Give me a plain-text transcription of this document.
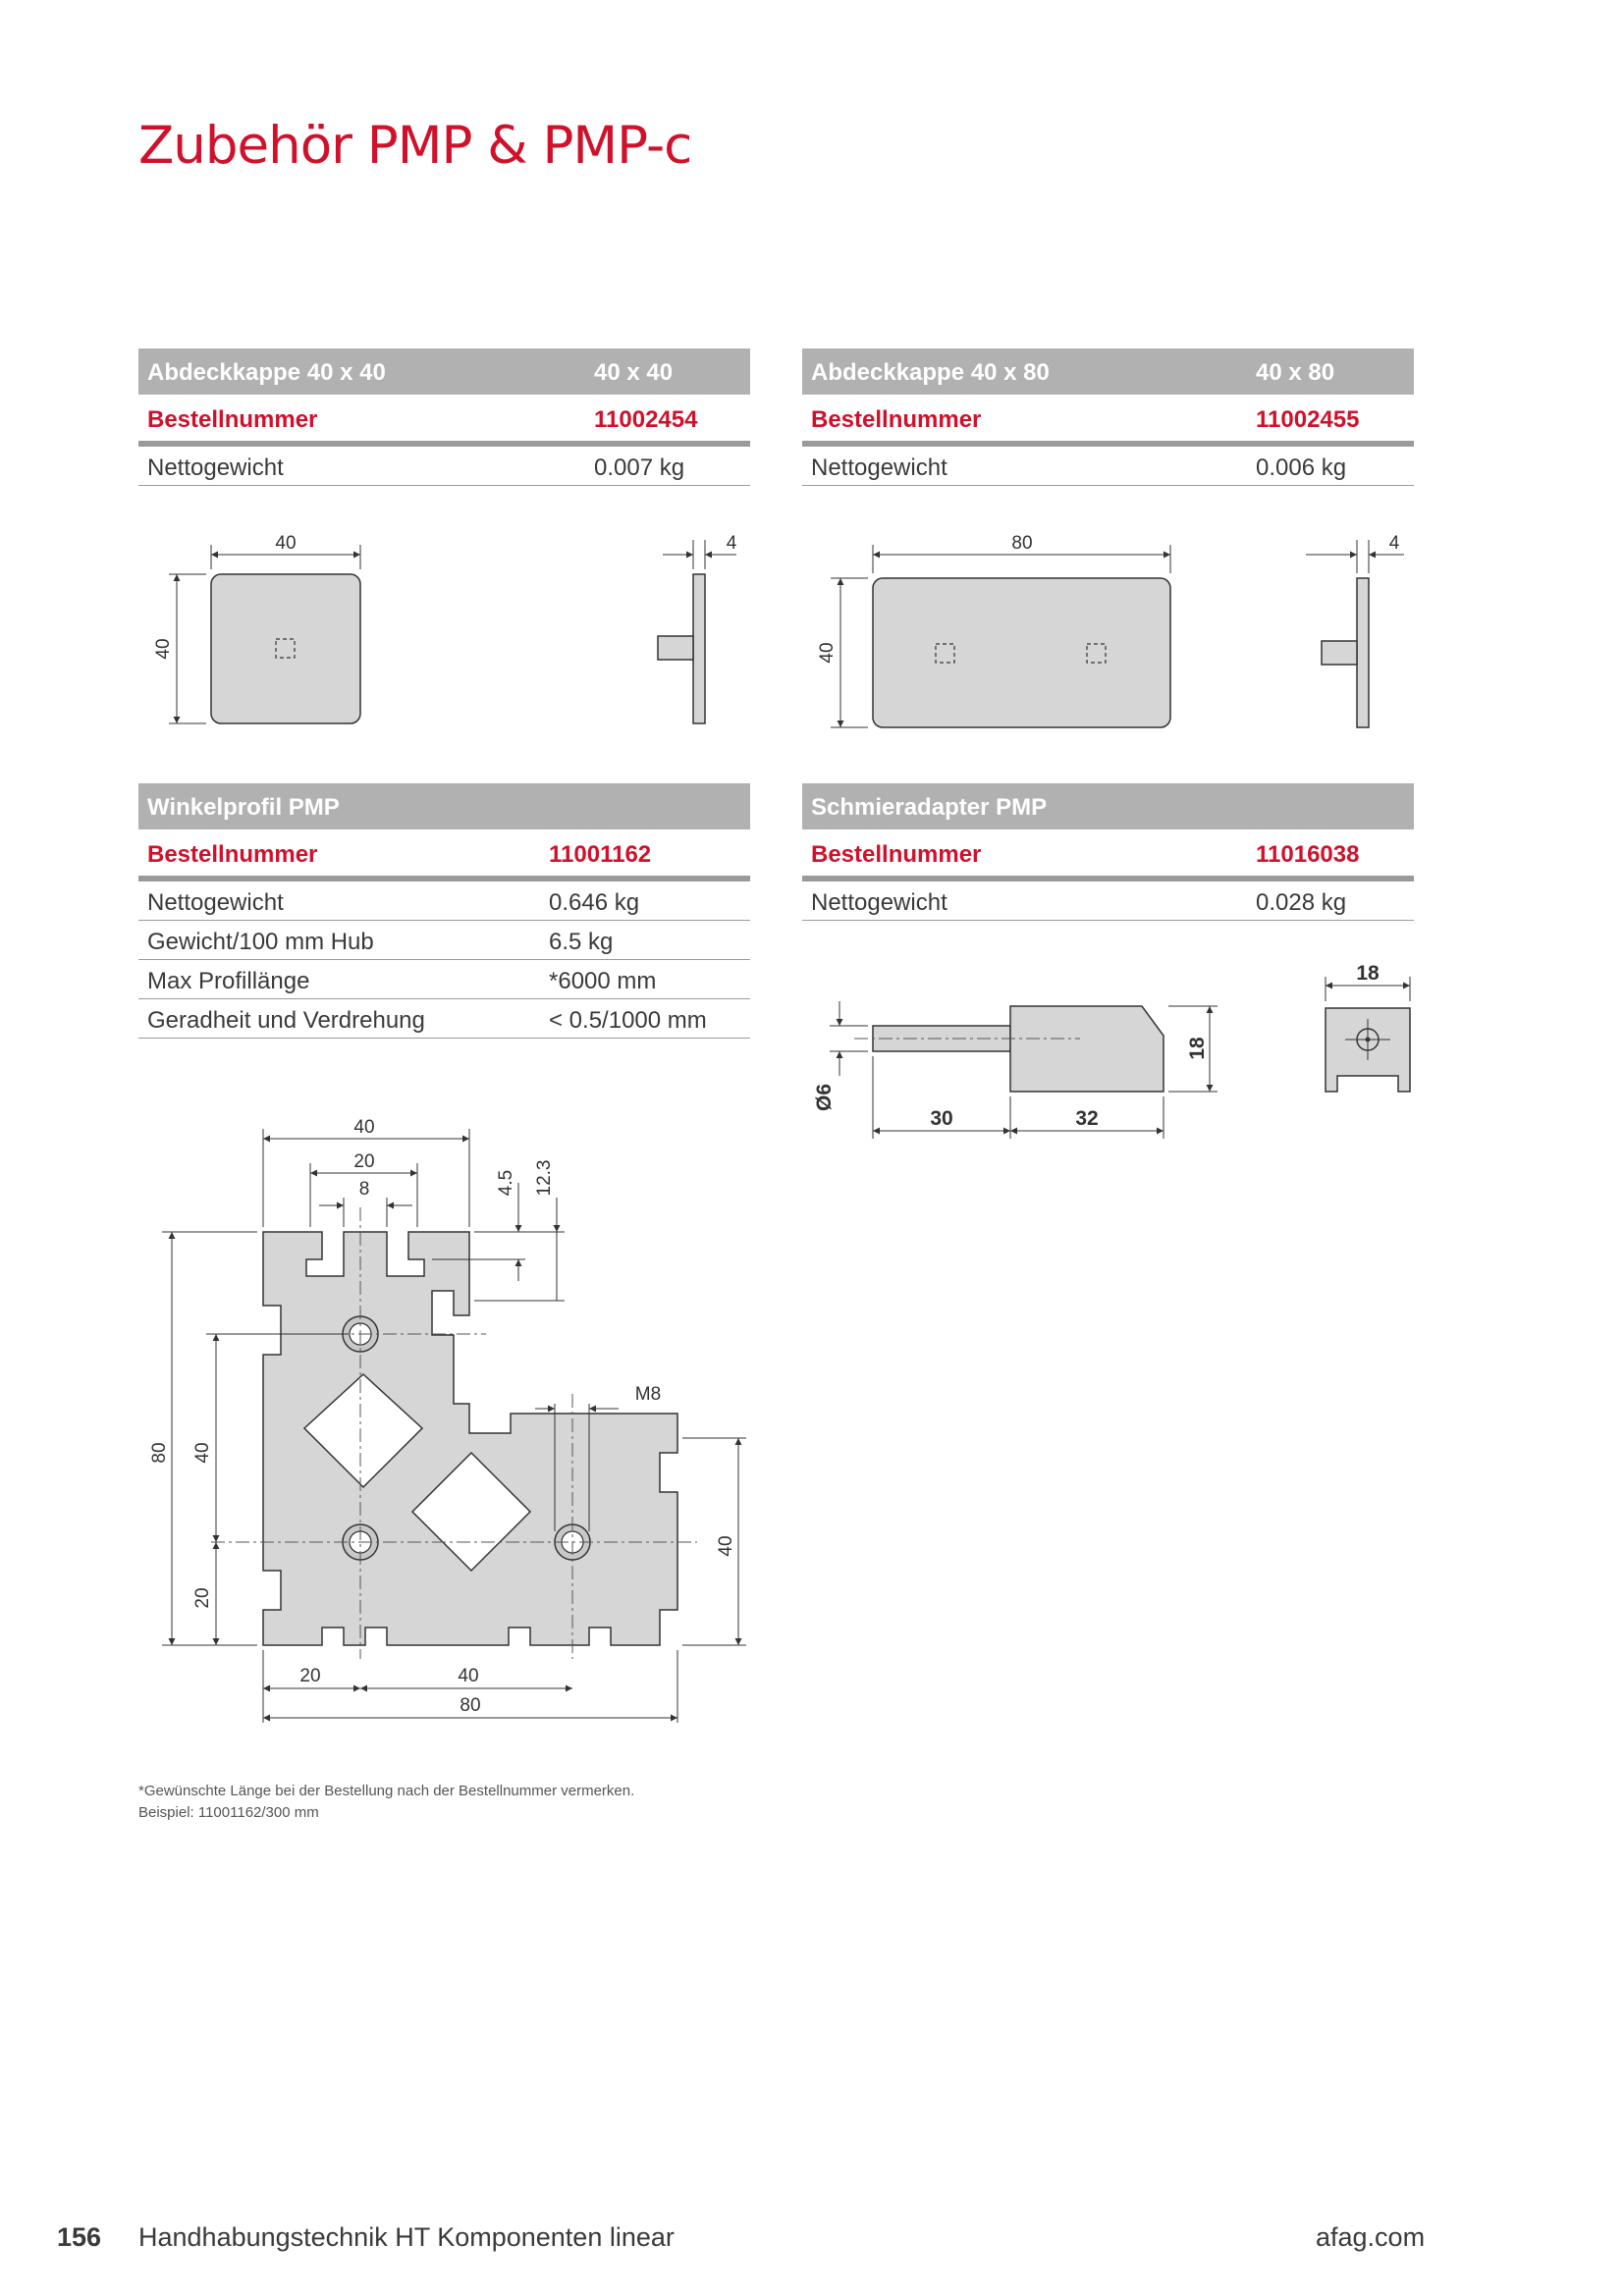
Zubehör PMP & PMP-c
Abdeckkappe 40 x 40	40 x 40
Bestellnummer	11002454
Nettogewicht	0.007 kg
Abdeckkappe 40 x 80	40 x 80
Bestellnummer	11002455
Nettogewicht	0.006 kg
Winkelprofil PMP
Bestellnummer	11001162
Nettogewicht	0.646 kg
Gewicht/100 mm Hub	6.5 kg
Max Profillänge	*6000 mm
Geradheit und Verdrehung	< 0.5/1000 mm
Schmieradapter PMP
Bestellnummer	11016038
Nettogewicht	0.028 kg
40
40
4	80
40
4
Ø6
18
30	32
18
40
20
8	4.5 12.3
M8
80 40
20
40
20	40
80
*Gewünschte Länge bei der Bestellung nach der Bestellnummer vermerken.
Beispiel: 11001162/300 mm
156 Handhabungstechnik HT Komponenten linear	afag.com
